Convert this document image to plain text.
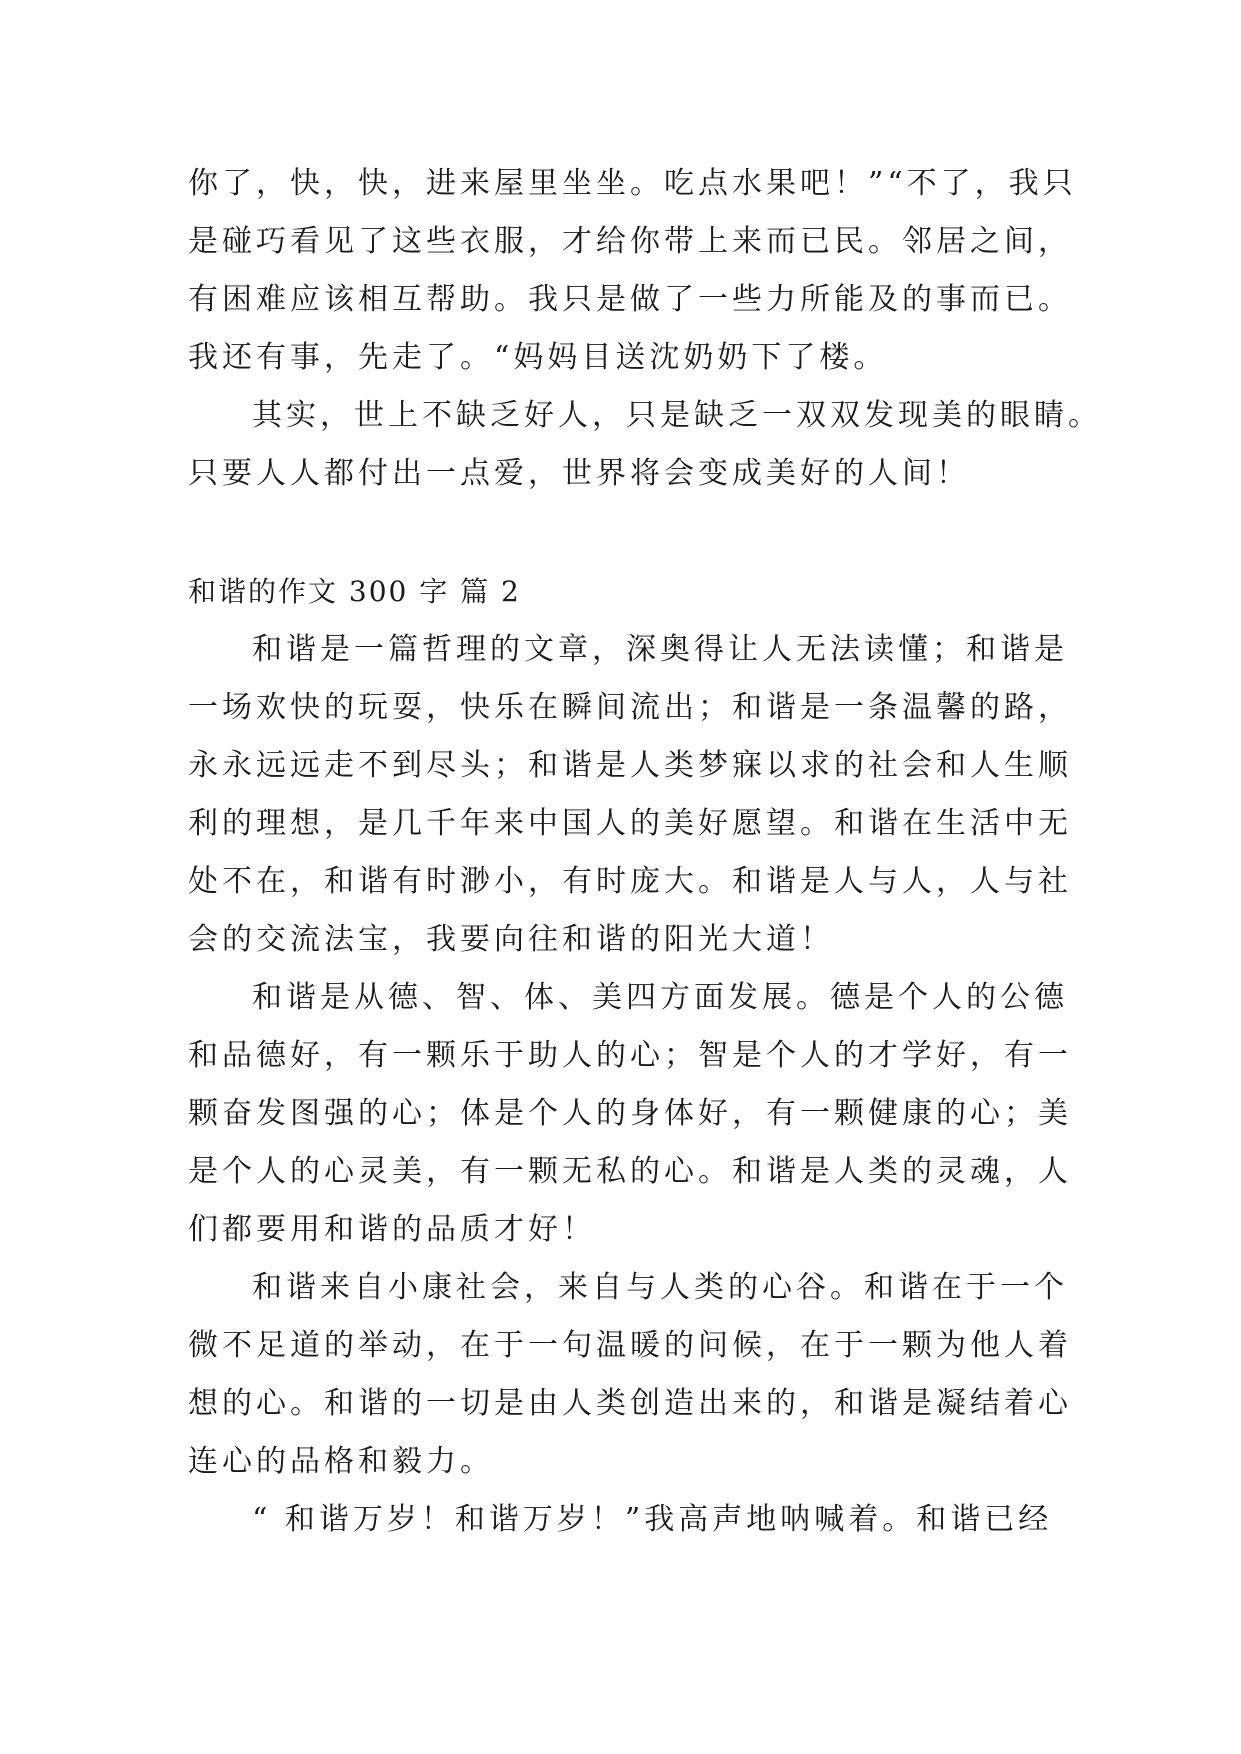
你了，快，快，进来屋里坐坐。吃点水果吧！”“不了，我只
是碰巧看见了这些衣服，才给你带上来而已民。邻居之间，
有困难应该相互帮助。我只是做了一些力所能及的事而已。
我还有事，先走了。“妈妈目送沈奶奶下了楼。

其实，世上不缺乏好人，只是缺乏一双双发现美的眼睛。
只要人人都付出一点爱，世界将会变成美好的人间！

和谐的作文 300 字 篇 2

和谐是一篇哲理的文章，深奥得让人无法读懂；和谐是
一场欢快的玩耍，快乐在瞬间流出；和谐是一条温馨的路，
永永远远走不到尽头；和谐是人类梦寐以求的社会和人生顺
利的理想，是几千年来中国人的美好愿望。和谐在生活中无
处不在，和谐有时渺小，有时庞大。和谐是人与人，人与社
会的交流法宝，我要向往和谐的阳光大道！

和谐是从德、智、体、美四方面发展。德是个人的公德
和品德好，有一颗乐于助人的心；智是个人的才学好，有一
颗奋发图强的心；体是个人的身体好，有一颗健康的心；美
是个人的心灵美，有一颗无私的心。和谐是人类的灵魂，人
们都要用和谐的品质才好！

和谐来自小康社会，来自与人类的心谷。和谐在于一个
微不足道的举动，在于一句温暖的问候，在于一颗为他人着
想的心。和谐的一切是由人类创造出来的，和谐是凝结着心
连心的品格和毅力。

“ 和谐万岁！和谐万岁！”我高声地呐喊着。和谐已经
